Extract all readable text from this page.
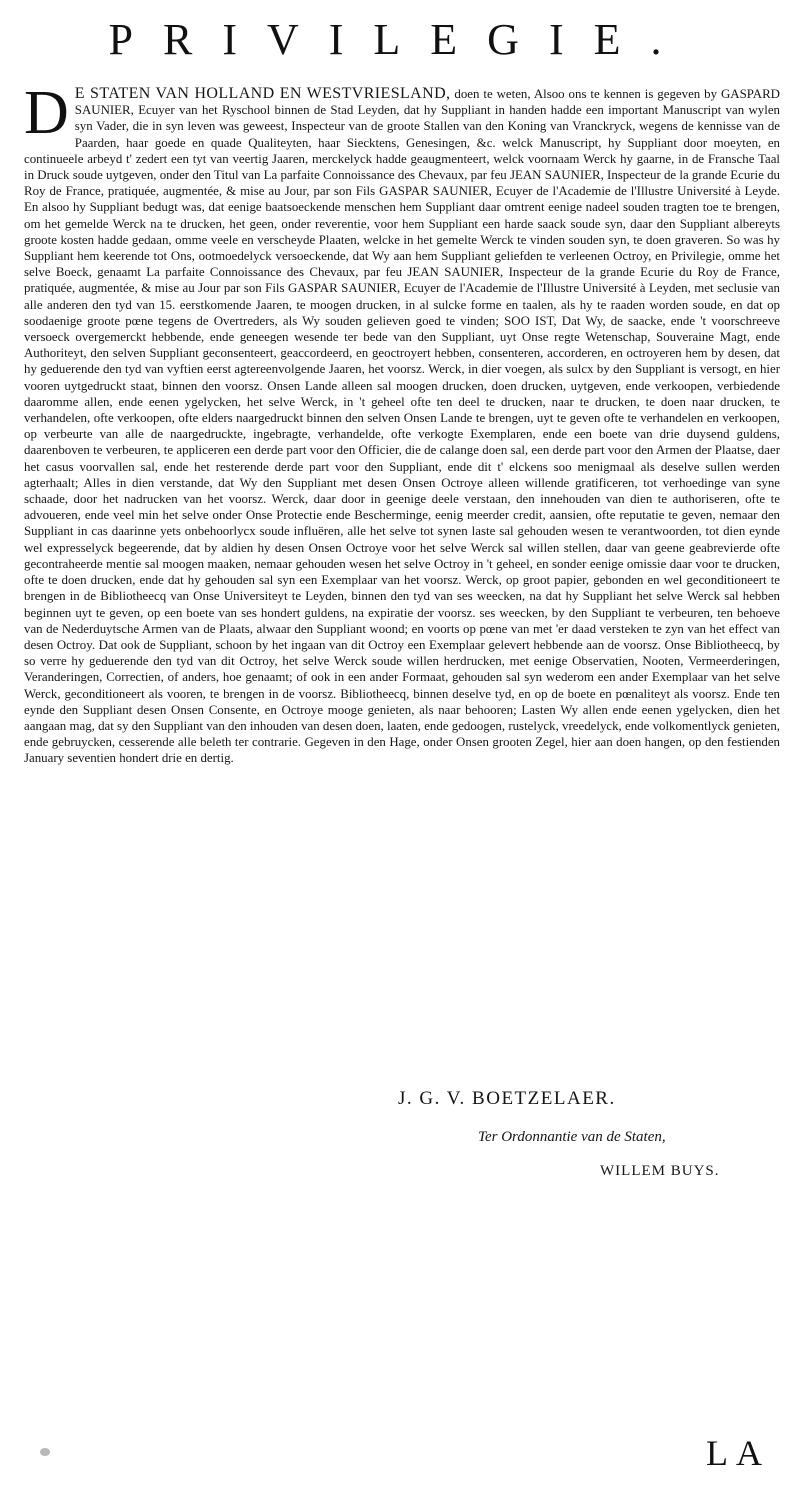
PRIVILEGIE.
D E STATEN VAN HOLLAND EN WESTVRIESLAND, doen te weten, Alsoo ons te kennen is gegeven by GASPARD SAUNIER, Ecuyer van het Ryschool binnen de Stad Leyden, dat hy Suppliant in handen hadde een important Manuscript van wylen syn Vader, die in syn leven was geweest, Inspecteur van de groote Stallen van den Koning van Vranckryck, wegens de kennisse van de Paarden, haar goede en quade Qualiteyten, haar Siecktens, Genesingen, &c. welck Manuscript, hy Suppliant door moeyten, en continueele arbeyd t' zedert een tyt van veertig Jaaren, merckelyck hadde geaugmenteert, welck voornaam Werck hy gaarne, in de Fransche Taal in Druck soude uytgeven, onder den Titul van La parfaite Connoissance des Chevaux, par feu JEAN SAUNIER, Inspecteur de la grande Ecurie du Roy de France, pratiquée, augmentée, & mise au Jour, par son Fils GASPAR SAUNIER, Ecuyer de l'Academie de l'Illustre Université à Leyde. En alsoo hy Suppliant bedugt was, dat eenige baatsoeckende menschen hem Suppliant daar omtrent eenige nadeel souden tragten toe te brengen, om het gemelde Werck na te drucken, het geen, onder reverentie, voor hem Suppliant een harde saack soude syn, daar den Suppliant albereyts groote kosten hadde gedaan, omme veele en verscheyde Plaaten, welcke in het gemelte Werck te vinden souden syn, te doen graveren. So was hy Suppliant hem keerende tot Ons, ootmoedelyck versoeckende, dat Wy aan hem Suppliant geliefden te verleenen Octroy, en Privilegie, omme het selve Boeck, genaamt La parfaite Connoissance des Chevaux, par feu JEAN SAUNIER, Inspecteur de la grande Ecurie du Roy de France, pratiquée, augmentée, & mise au Jour par son Fils GASPAR SAUNIER, Ecuyer de l'Academie de l'Illustre Université à Leyden, met seclusie van alle anderen den tyd van 15. eerstkomende Jaaren, te moogen drucken, in al sulcke forme en taalen, als hy te raaden worden soude, en dat op soodaenige groote pœne tegens de Overtreders, als Wy souden gelieven goed te vinden; SOO IST, Dat Wy, de saacke, ende 't voorschreeve versoeck overgemerckt hebbende, ende geneegen wesende ter bede van den Suppliant, uyt Onse regte Wetenschap, Souveraine Magt, ende Authoriteyt, den selven Suppliant geconsenteert, geaccordeerd, en geoctroyert hebben, consenteren, accorderen, en octroyeren hem by desen, dat hy geduerende den tyd van vyftien eerst agtereenvolgende Jaaren, het voorsz. Werck, in dier voegen, als sulcx by den Suppliant is versogt, en hier vooren uytgedruckt staat, binnen den voorsz. Onsen Lande alleen sal moogen drucken, doen drucken, uytgeven, ende verkoopen, verbiedende daaromme allen, ende eenen ygelycken, het selve Werck, in 't geheel ofte ten deel te drucken, naar te drucken, te doen naar drucken, te verhandelen, ofte verkoopen, ofte elders naargedruckt binnen den selven Onsen Lande te brengen, uyt te geven ofte te verhandelen en verkoopen, op verbeurte van alle de naargedruckte, ingebragte, verhandelde, ofte verkogte Exemplaren, ende een boete van drie duysend guldens, daarenboven te verbeuren, te appliceren een derde part voor den Officier, die de calange doen sal, een derde part voor den Armen der Plaatse, daer het casus voorvallen sal, ende het resterende derde part voor den Suppliant, ende dit t' elckens soo menigmaal als deselve sullen werden agterhaalt; Alles in dien verstande, dat Wy den Suppliant met desen Onsen Octroye alleen willende gratificeren, tot verhoedinge van syne schaade, door het nadrucken van het voorsz. Werck, daar door in geenige deele verstaan, den innehouden van dien te authoriseren, ofte te advoueren, ende veel min het selve onder Onse Protectie ende Bescherminge, eenig meerder credit, aansien, ofte reputatie te geven, nemaar den Suppliant in cas daarinne yets onbehoorlycx soude influëren, alle het selve tot synen laste sal gehouden wesen te verantwoorden, tot dien eynde wel expresselyck begeerende, dat by aldien hy desen Onsen Octroye voor het selve Werck sal willen stellen, daar van geene geabrevierde ofte gecontraheerde mentie sal moogen maaken, nemaar gehouden wesen het selve Octroy in 't geheel, en sonder eenige omissie daar voor te drucken, ofte te doen drucken, ende dat hy gehouden sal syn een Exemplaar van het voorsz. Werck, op groot papier, gebonden en wel geconditioneert te brengen in de Bibliotheecq van Onse Universiteyt te Leyden, binnen den tyd van ses weecken, na dat hy Suppliant het selve Werck sal hebben beginnen uyt te geven, op een boete van ses hondert guldens, na expiratie der voorsz. ses weecken, by den Suppliant te verbeuren, ten behoeve van de Nederduytsche Armen van de Plaats, alwaar den Suppliant woond; en voorts op pœne van met 'er daad versteken te zyn van het effect van desen Octroy. Dat ook de Suppliant, schoon by het ingaan van dit Octroy een Exemplaar gelevert hebbende aan de voorsz. Onse Bibliotheecq, by so verre hy geduerende den tyd van dit Octroy, het selve Werck soude willen herdrucken, met eenige Observatien, Nooten, Vermeerderingen, Veranderingen, Correctien, of anders, hoe genaamt; of ook in een ander Formaat, gehouden sal syn wederom een ander Exemplaar van het selve Werck, geconditioneert als vooren, te brengen in de voorsz. Bibliotheecq, binnen deselve tyd, en op de boete en pœnaliteyt als voorsz. Ende ten eynde den Suppliant desen Onsen Consente, en Octroye mooge genieten, als naar behooren; Lasten Wy allen ende eenen ygelycken, dien het aangaan mag, dat sy den Suppliant van den inhouden van desen doen, laaten, ende gedoogen, rustelyck, vreedelyck, ende volkomentlyck genieten, ende gebruycken, cesserende alle beleth ter contrarie. Gegeven in den Hage, onder Onsen grooten Zegel, hier aan doen hangen, op den festienden January seventien hondert drie en dertig.
J. G. V. BOETZELAER.
Ter Ordonnantie van de Staten,
WILLEM BUYS.
LA
